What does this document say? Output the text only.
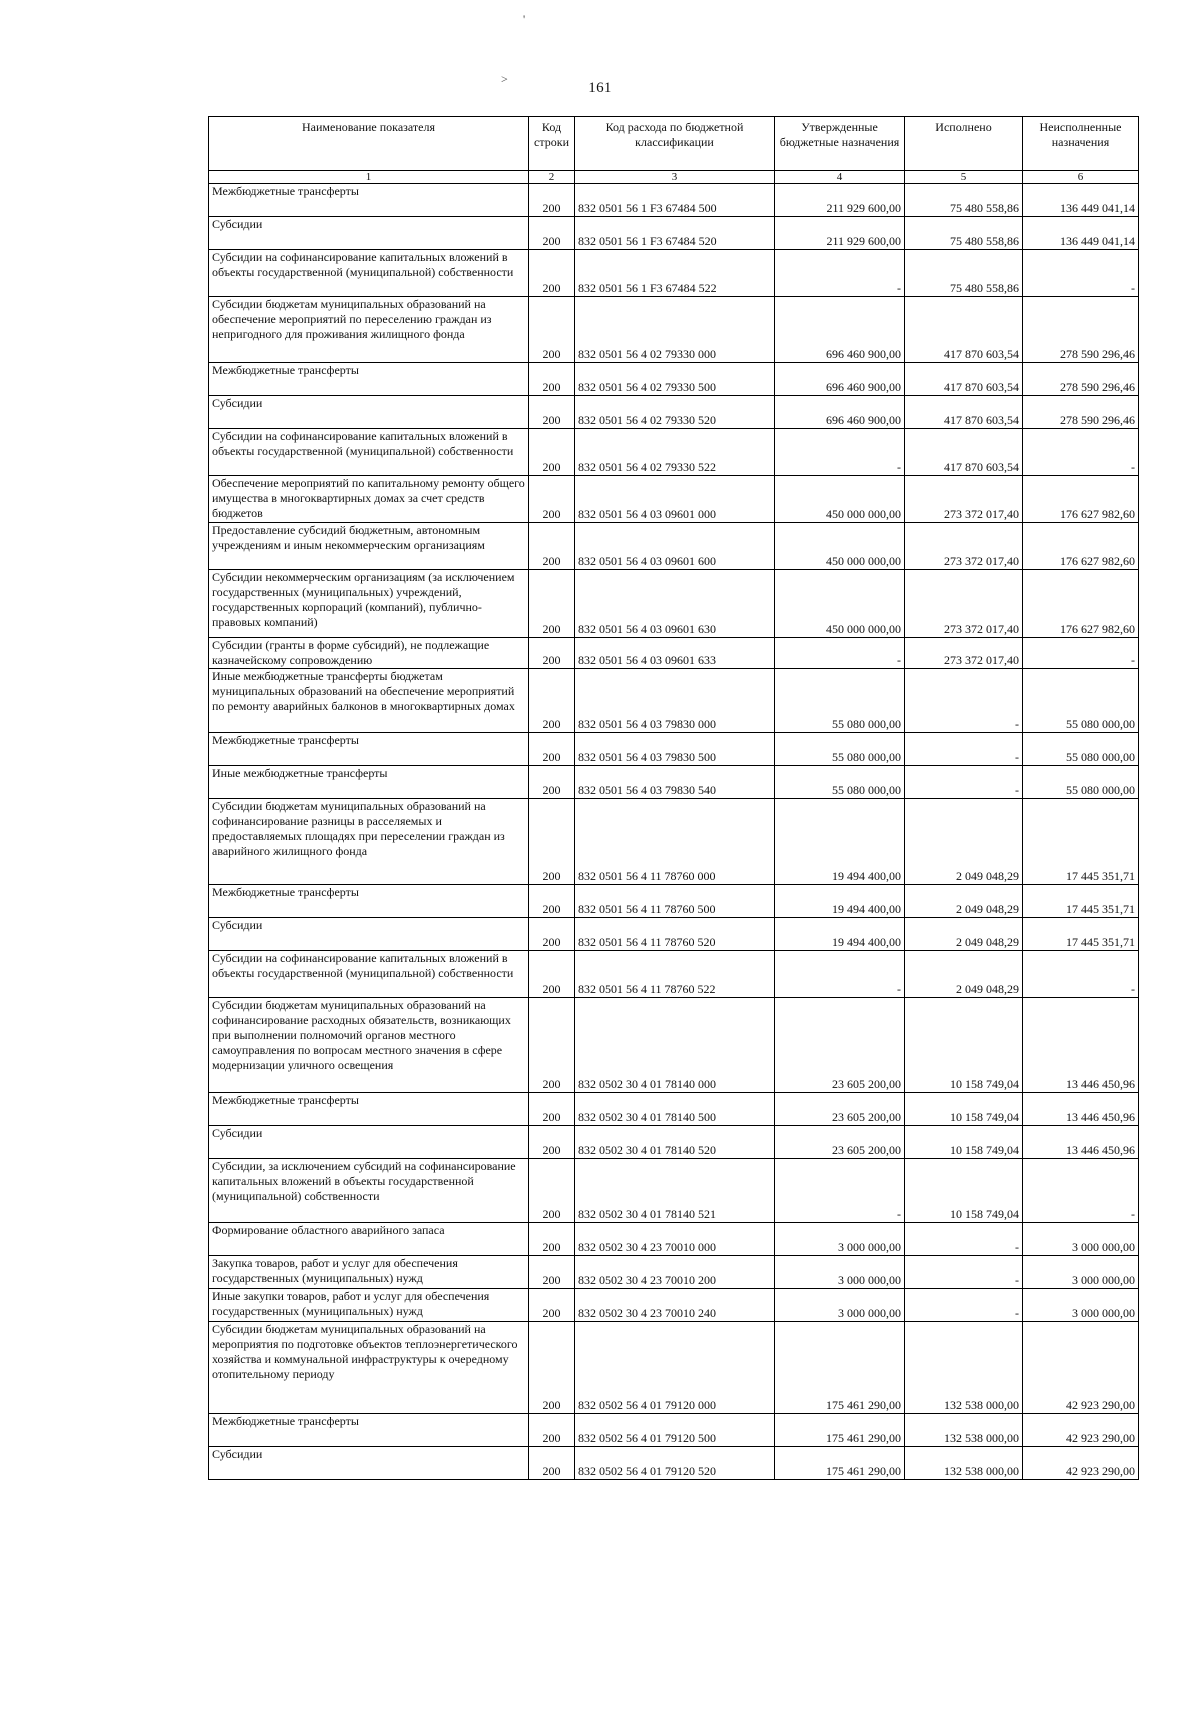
'
>
161
Наименование показателя	Код строки	Код расхода по бюджетной классификации	Утвержденные бюджетные назначения	Исполнено	Неисполненные назначения
1	2	3	4	5	6
Межбюджетные трансферты	200	832 0501 56 1 F3 67484 500	211 929 600,00	75 480 558,86	136 449 041,14
Субсидии	200	832 0501 56 1 F3 67484 520	211 929 600,00	75 480 558,86	136 449 041,14
Субсидии на софинансирование капитальных вложений в объекты государственной (муниципальной) собственности	200	832 0501 56 1 F3 67484 522	-	75 480 558,86	-
Субсидии бюджетам муниципальных образований на обеспечение мероприятий по переселению граждан из непригодного для проживания жилищного фонда	200	832 0501 56 4 02 79330 000	696 460 900,00	417 870 603,54	278 590 296,46
Межбюджетные трансферты	200	832 0501 56 4 02 79330 500	696 460 900,00	417 870 603,54	278 590 296,46
Субсидии	200	832 0501 56 4 02 79330 520	696 460 900,00	417 870 603,54	278 590 296,46
Субсидии на софинансирование капитальных вложений в объекты государственной (муниципальной) собственности	200	832 0501 56 4 02 79330 522	-	417 870 603,54	-
Обеспечение мероприятий по капитальному ремонту общего имущества в многоквартирных домах за счет средств бюджетов	200	832 0501 56 4 03 09601 000	450 000 000,00	273 372 017,40	176 627 982,60
Предоставление субсидий бюджетным, автономным учреждениям и иным некоммерческим организациям	200	832 0501 56 4 03 09601 600	450 000 000,00	273 372 017,40	176 627 982,60
Субсидии некоммерческим организациям (за исключением государственных (муниципальных) учреждений, государственных корпораций (компаний), публично-правовых компаний)	200	832 0501 56 4 03 09601 630	450 000 000,00	273 372 017,40	176 627 982,60
Субсидии (гранты в форме субсидий), не подлежащие казначейскому сопровождению	200	832 0501 56 4 03 09601 633	-	273 372 017,40	-
Иные межбюджетные трансферты бюджетам муниципальных образований на обеспечение мероприятий по ремонту аварийных балконов в многоквартирных домах	200	832 0501 56 4 03 79830 000	55 080 000,00	-	55 080 000,00
Межбюджетные трансферты	200	832 0501 56 4 03 79830 500	55 080 000,00	-	55 080 000,00
Иные межбюджетные трансферты	200	832 0501 56 4 03 79830 540	55 080 000,00	-	55 080 000,00
Субсидии бюджетам муниципальных образований на софинансирование разницы в расселяемых и предоставляемых площадях при переселении граждан из аварийного жилищного фонда	200	832 0501 56 4 11 78760 000	19 494 400,00	2 049 048,29	17 445 351,71
Межбюджетные трансферты	200	832 0501 56 4 11 78760 500	19 494 400,00	2 049 048,29	17 445 351,71
Субсидии	200	832 0501 56 4 11 78760 520	19 494 400,00	2 049 048,29	17 445 351,71
Субсидии на софинансирование капитальных вложений в объекты государственной (муниципальной) собственности	200	832 0501 56 4 11 78760 522	-	2 049 048,29	-
Субсидии бюджетам муниципальных образований на софинансирование расходных обязательств, возникающих при выполнении полномочий органов местного самоуправления по вопросам местного значения в сфере модернизации уличного освещения	200	832 0502 30 4 01 78140 000	23 605 200,00	10 158 749,04	13 446 450,96
Межбюджетные трансферты	200	832 0502 30 4 01 78140 500	23 605 200,00	10 158 749,04	13 446 450,96
Субсидии	200	832 0502 30 4 01 78140 520	23 605 200,00	10 158 749,04	13 446 450,96
Субсидии, за исключением субсидий на софинансирование капитальных вложений в объекты государственной (муниципальной) собственности	200	832 0502 30 4 01 78140 521	-	10 158 749,04	-
Формирование областного аварийного запаса	200	832 0502 30 4 23 70010 000	3 000 000,00	-	3 000 000,00
Закупка товаров, работ и услуг для обеспечения государственных (муниципальных) нужд	200	832 0502 30 4 23 70010 200	3 000 000,00	-	3 000 000,00
Иные закупки товаров, работ и услуг для обеспечения государственных (муниципальных) нужд	200	832 0502 30 4 23 70010 240	3 000 000,00	-	3 000 000,00
Субсидии бюджетам муниципальных образований на мероприятия по подготовке объектов теплоэнергетического хозяйства и коммунальной инфраструктуры к очередному отопительному периоду	200	832 0502 56 4 01 79120 000	175 461 290,00	132 538 000,00	42 923 290,00
Межбюджетные трансферты	200	832 0502 56 4 01 79120 500	175 461 290,00	132 538 000,00	42 923 290,00
Субсидии	200	832 0502 56 4 01 79120 520	175 461 290,00	132 538 000,00	42 923 290,00
